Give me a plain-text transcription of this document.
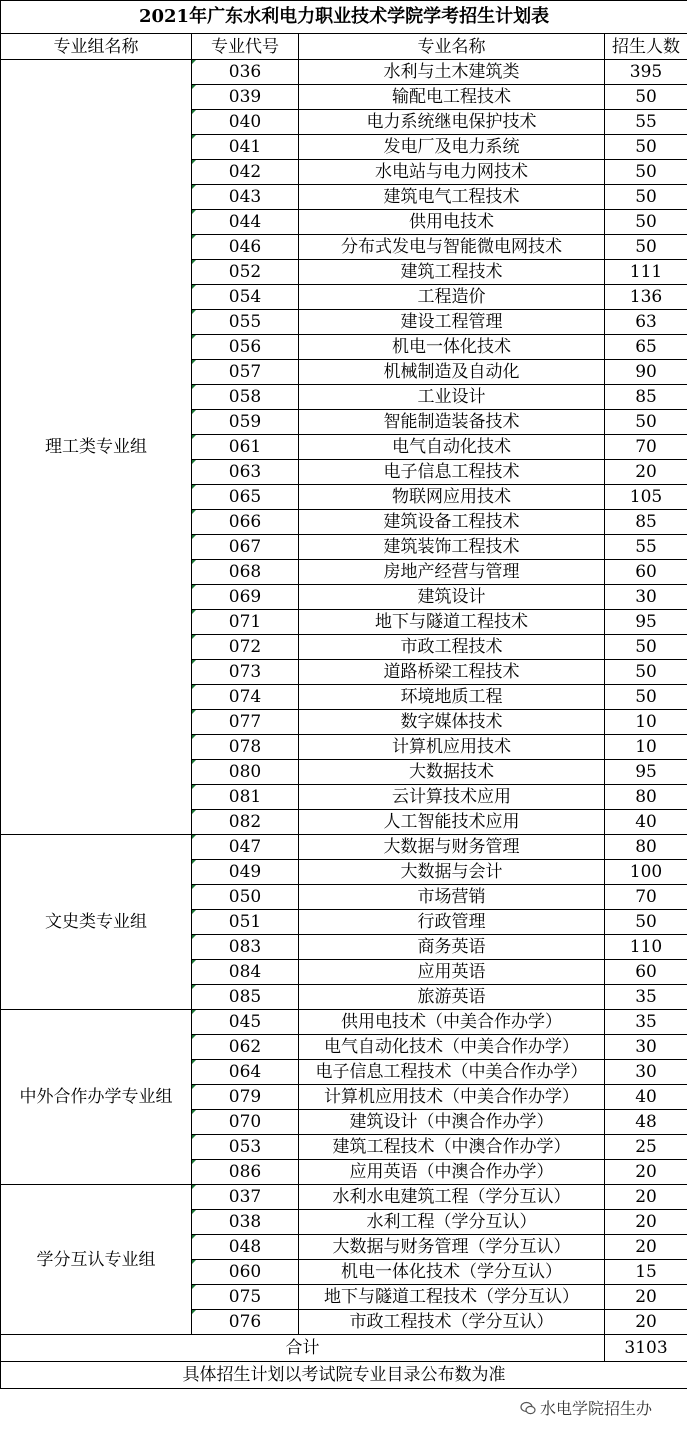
2021年广东水利电力职业技术学院学考招生计划表			
专业组名称	专业代号	专业名称	招生人数
理工类专业组	036	水利与土木建筑类	395
	039	输配电工程技术	50
	040	电力系统继电保护技术	55
	041	发电厂及电力系统	50
	042	水电站与电力网技术	50
	043	建筑电气工程技术	50
	044	供用电技术	50
	046	分布式发电与智能微电网技术	50
	052	建筑工程技术	111
	054	工程造价	136
	055	建设工程管理	63
	056	机电一体化技术	65
	057	机械制造及自动化	90
	058	工业设计	85
	059	智能制造装备技术	50
	061	电气自动化技术	70
	063	电子信息工程技术	20
	065	物联网应用技术	105
	066	建筑设备工程技术	85
	067	建筑装饰工程技术	55
	068	房地产经营与管理	60
	069	建筑设计	30
	071	地下与隧道工程技术	95
	072	市政工程技术	50
	073	道路桥梁工程技术	50
	074	环境地质工程	50
	077	数字媒体技术	10
	078	计算机应用技术	10
	080	大数据技术	95
	081	云计算技术应用	80
	082	人工智能技术应用	40
文史类专业组	047	大数据与财务管理	80
	049	大数据与会计	100
	050	市场营销	70
	051	行政管理	50
	083	商务英语	110
	084	应用英语	60
	085	旅游英语	35
中外合作办学专业组	045	供用电技术（中美合作办学）	35
	062	电气自动化技术（中美合作办学）	30
	064	电子信息工程技术（中美合作办学）	30
	079	计算机应用技术（中美合作办学）	40
	070	建筑设计（中澳合作办学）	48
	053	建筑工程技术（中澳合作办学）	25
	086	应用英语（中澳合作办学）	20
学分互认专业组	037	水利水电建筑工程（学分互认）	20
	038	水利工程（学分互认）	20
	048	大数据与财务管理（学分互认）	20
	060	机电一体化技术（学分互认）	15
	075	地下与隧道工程技术（学分互认）	20
	076	市政工程技术（学分互认）	20
合计			3103
具体招生计划以考试院专业目录公布数为准			
水电学院招生办
